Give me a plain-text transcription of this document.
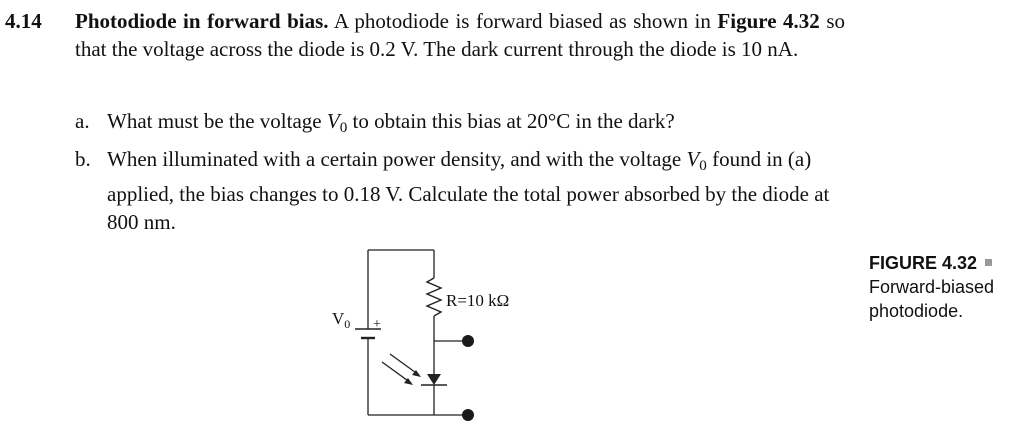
4.14 Photodiode in forward bias. A photodiode is forward biased as shown in Figure 4.32 so that the voltage across the diode is 0.2 V. The dark current through the diode is 10 nA.
a. What must be the voltage $V_0$ to obtain this bias at 20°C in the dark?
b. When illuminated with a certain power density, and with the voltage $V_0$ found in (a) applied, the bias changes to 0.18 V. Calculate the total power absorbed by the diode at 800 nm.
$V_0$ +
R=10 kΩ
FIGURE 4.32
Forward-biased photodiode.
